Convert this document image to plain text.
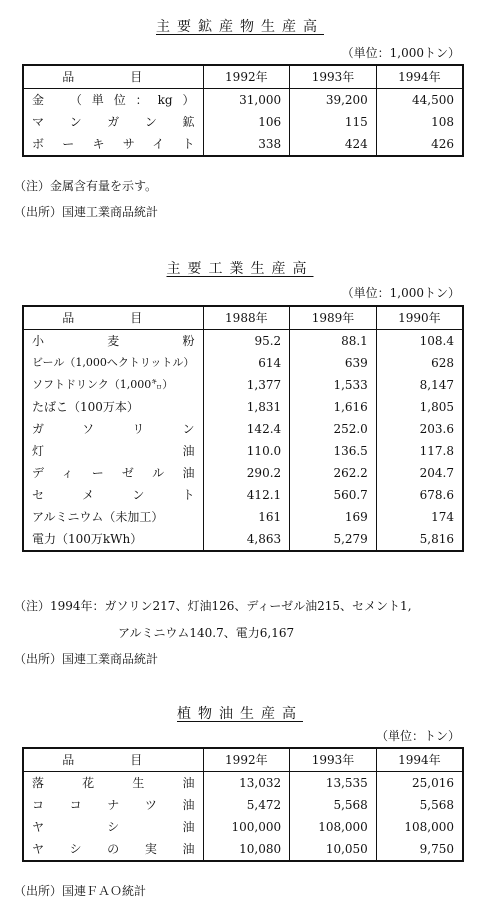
主要鉱産物生産高
（単位：1,000トン）
品　目	1992年	1993年	1994年
金　（単位：kg）	31,000	39,200	44,500
マンガン鉱	106	115	108
ボーキサイト	338	424	426
（注）金属含有量を示す。
（出所）国連工業商品統計
主要工業生産高
（単位：1,000トン）
品　目	1988年	1989年	1990年
小麦粉	95.2	88.1	108.4
ビール（1,000ヘクトリットル）	614	639	628
ソフトドリンク（1,000㌔）	1,377	1,533	8,147
たばこ（100万本）	1,831	1,616	1,805
ガソリン	142.4	252.0	203.6
灯油	110.0	136.5	117.8
ディーゼル油	290.2	262.2	204.7
セメント	412.1	560.7	678.6
アルミニウム（未加工）	161	169	174
電力（100万kWh）	4,863	5,279	5,816
（注）1994年：ガソリン217、灯油126、ディーゼル油215、セメント1,
アルミニウム140.7、電力6,167
（出所）国連工業商品統計
植物油生産高
（単位：トン）
品　目	1992年	1993年	1994年
落花生油	13,032	13,535	25,016
ココナツ油	5,472	5,568	5,568
ヤシ油	100,000	108,000	108,000
ヤシの実油	10,080	10,050	9,750
（出所）国連ＦＡＯ統計
